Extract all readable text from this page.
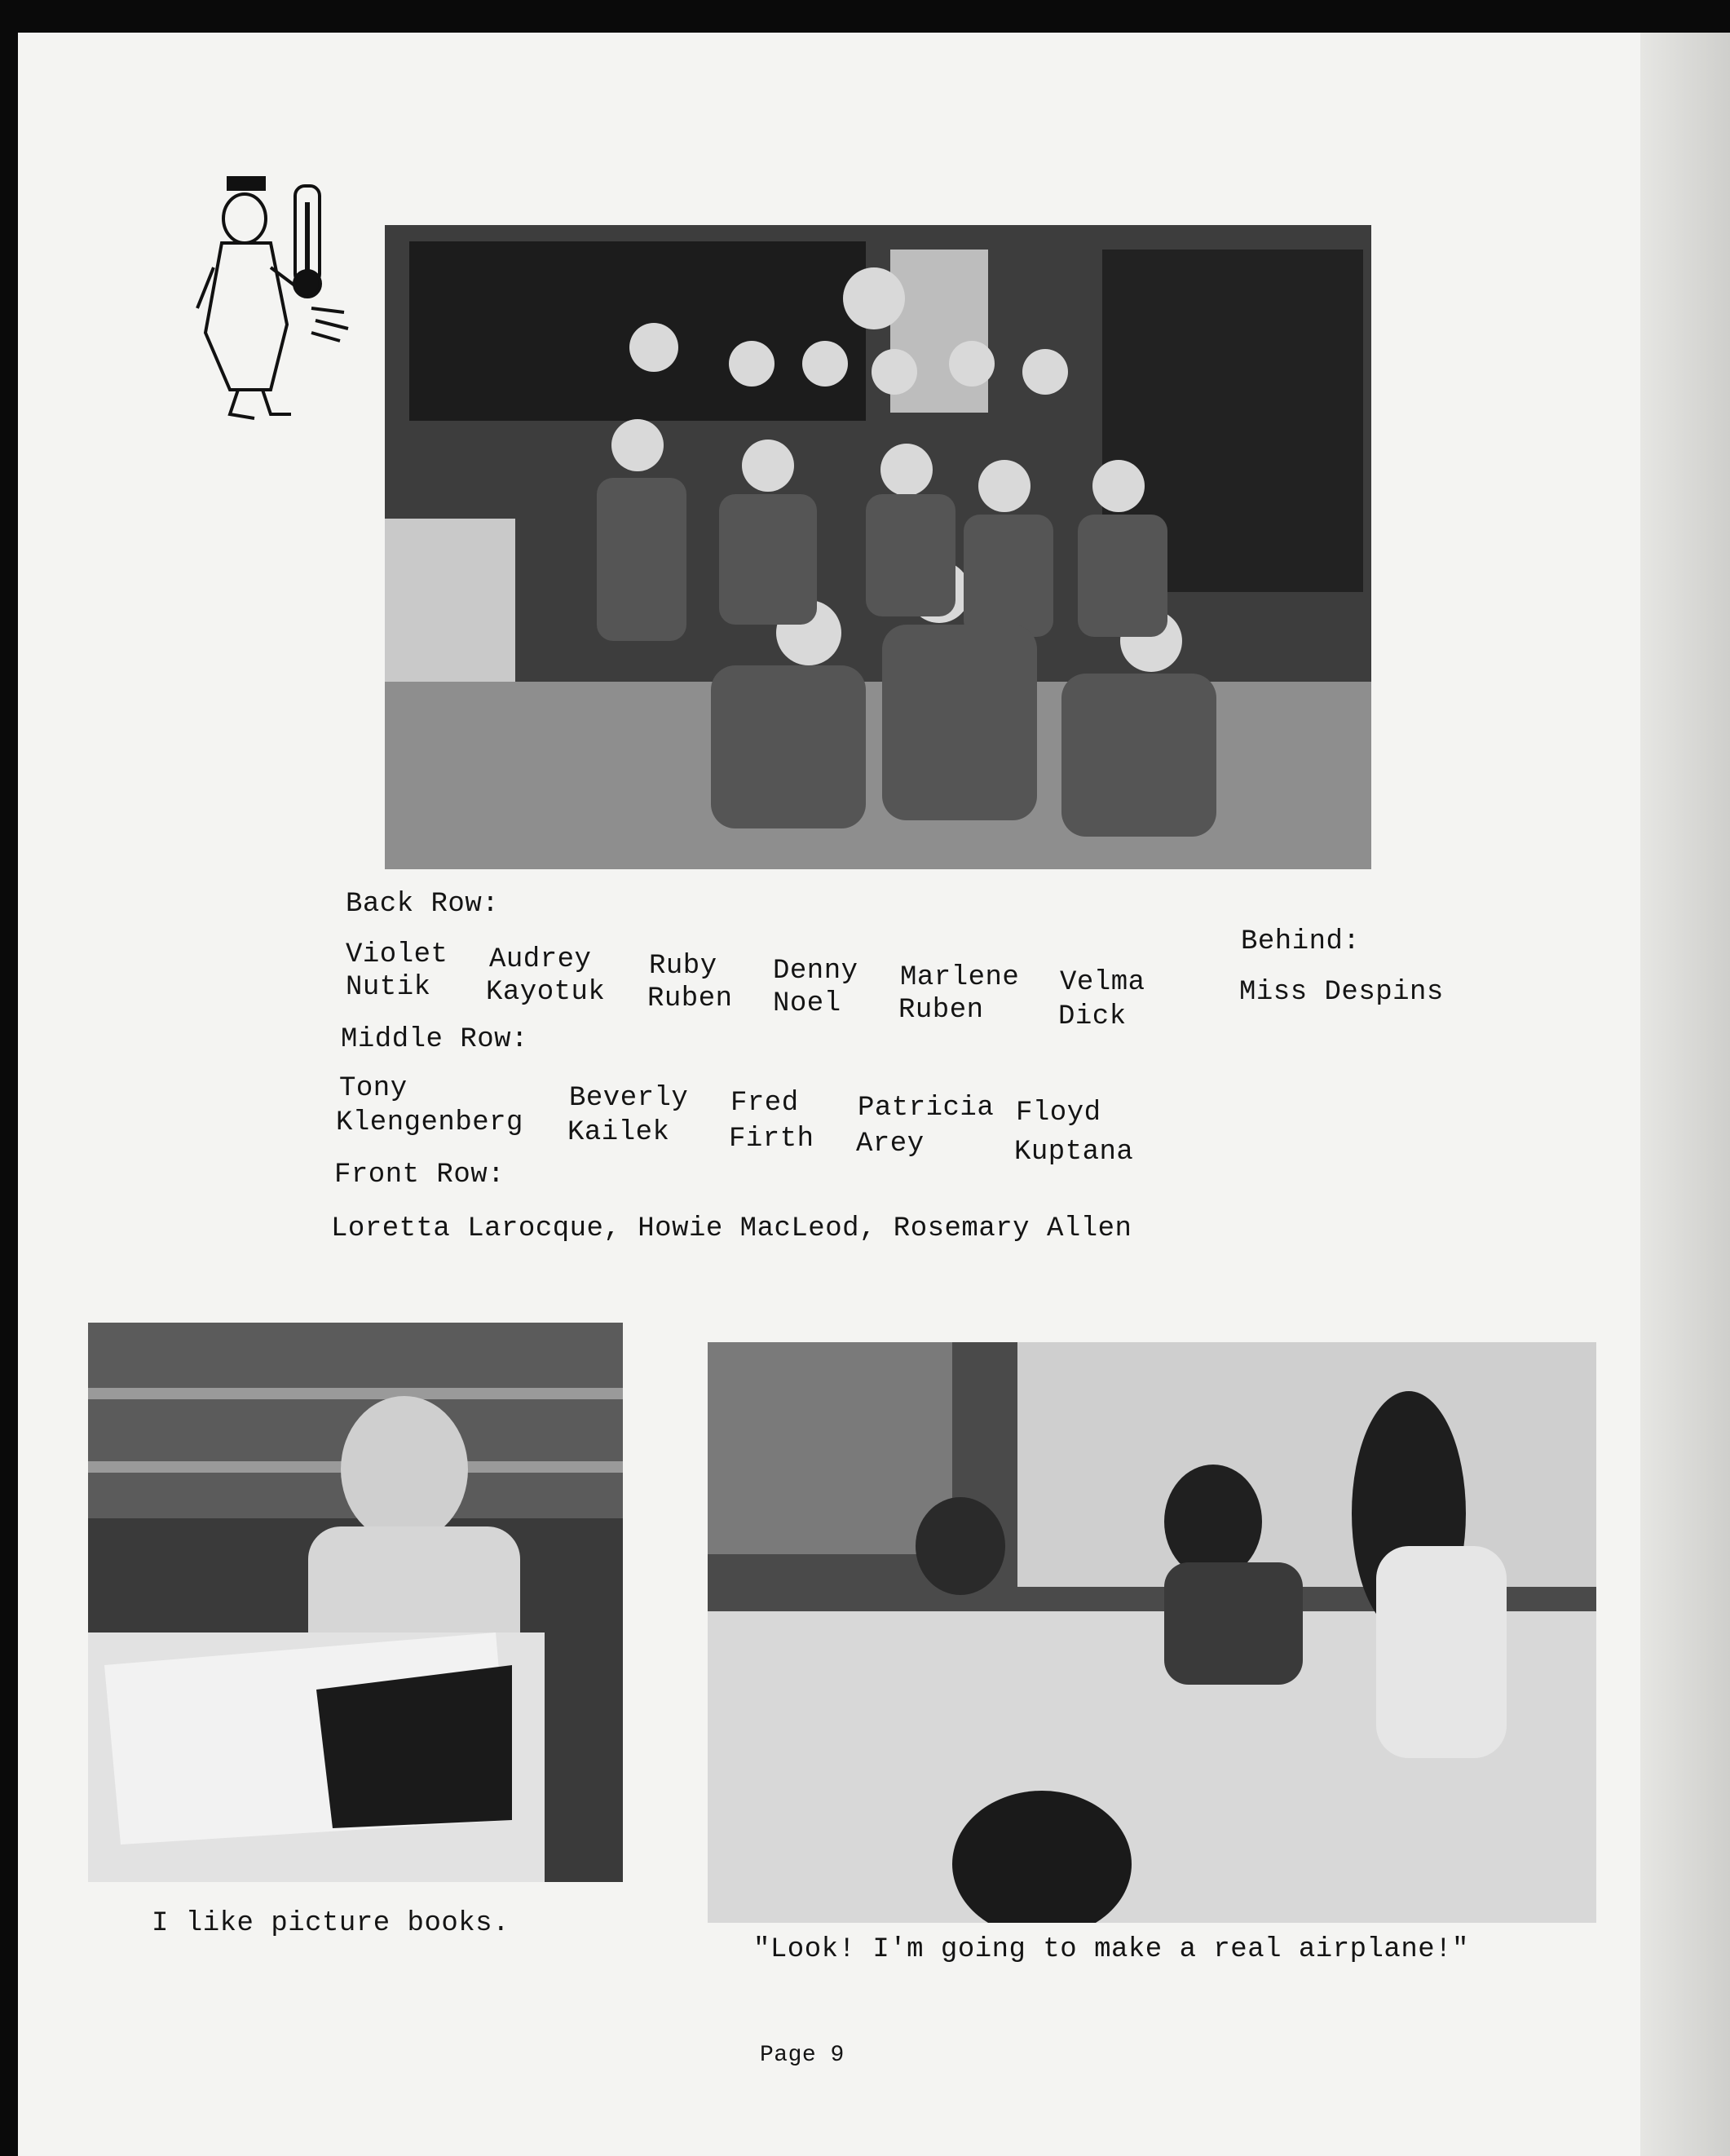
Back Row:
Violet
Nutik
Audrey
Kayotuk
Ruby
Ruben
Denny
Noel
Marlene
Ruben
Velma
Dick
Behind:
Miss Despins
Middle Row:
Tony
Klengenberg
Beverly
Kailek
Fred
Firth
Patricia
Arey
Floyd
Kuptana
Front Row:
Loretta Larocque, Howie MacLeod, Rosemary Allen
I like picture books.
"Look! I'm going to make a real airplane!"
Page 9
